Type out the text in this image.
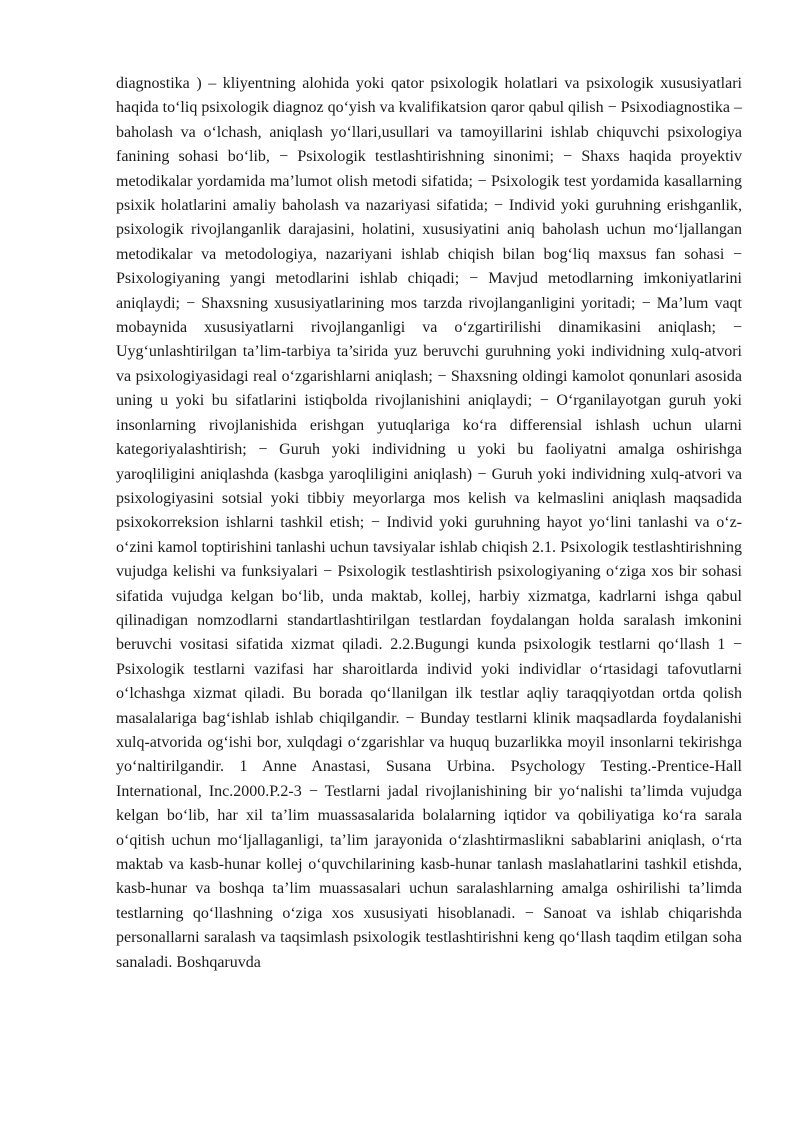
diagnostika ) – kliyentning alohida yoki qator psixologik holatlari va psixologik xususiyatlari haqida to‘liq psixologik diagnoz qo‘yish va kvalifikatsion qaror qabul qilish − Psixodiagnostika –baholash va o‘lchash, aniqlash yo‘llari,usullari va tamoyillarini ishlab chiquvchi psixologiya fanining sohasi bo‘lib, − Psixologik testlashtirishning sinonimi; − Shaxs haqida proyektiv metodikalar yordamida ma’lumot olish metodi sifatida; − Psixologik test yordamida kasallarning psixik holatlarini amaliy baholash va nazariyasi sifatida; − Individ yoki guruhning erishganlik, psixologik rivojlanganlik darajasini, holatini, xususiyatini aniq baholash uchun mo‘ljallangan metodikalar va metodologiya, nazariyani ishlab chiqish bilan bog‘liq maxsus fan sohasi − Psixologiyaning yangi metodlarini ishlab chiqadi; − Mavjud metodlarning imkoniyatlarini aniqlaydi; − Shaxsning xususiyatlarining mos tarzda rivojlanganligini yoritadi; − Ma’lum vaqt mobaynida xususiyatlarni rivojlanganligi va o‘zgartirilishi dinamikasini aniqlash; − Uyg‘unlashtirilgan ta’lim-tarbiya ta’sirida yuz beruvchi guruhning yoki individning xulq-atvori va psixologiyasidagi real o‘zgarishlarni aniqlash; − Shaxsning oldingi kamolot qonunlari asosida uning u yoki bu sifatlarini istiqbolda rivojlanishini aniqlaydi; − O‘rganilayotgan guruh yoki insonlarning rivojlanishida erishgan yutuqlariga ko‘ra differensial ishlash uchun ularni kategoriyalashtirish; − Guruh yoki individning u yoki bu faoliyatni amalga oshirishga yaroqliligini aniqlashda (kasbga yaroqliligini aniqlash) − Guruh yoki individning xulq-atvori va psixologiyasini sotsial yoki tibbiy meyorlarga mos kelish va kelmaslini aniqlash maqsadida psixokorreksion ishlarni tashkil etish; − Individ yoki guruhning hayot yo‘lini tanlashi va o‘z-o‘zini kamol toptirishini tanlashi uchun tavsiyalar ishlab chiqish 2.1. Psixologik testlashtirishning vujudga kelishi va funksiyalari − Psixologik testlashtirish psixologiyaning o‘ziga xos bir sohasi sifatida vujudga kelgan bo‘lib, unda maktab, kollej, harbiy xizmatga, kadrlarni ishga qabul qilinadigan nomzodlarni standartlashtirilgan testlardan foydalangan holda saralash imkonini beruvchi vositasi sifatida xizmat qiladi. 2.2.Bugungi kunda psixologik testlarni qo‘llash 1 − Psixologik testlarni vazifasi har sharoitlarda individ yoki individlar o‘rtasidagi tafovutlarni o‘lchashga xizmat qiladi. Bu borada qo‘llanilgan ilk testlar aqliy taraqqiyotdan ortda qolish masalalariga bag‘ishlab ishlab chiqilgandir. − Bunday testlarni klinik maqsadlarda foydalanishi xulq-atvorida og‘ishi bor, xulqdagi o‘zgarishlar va huquq buzarlikka moyil insonlarni tekirishga yo‘naltirilgandir. 1 Anne Anastasi, Susana Urbina. Psychology Testing.-Prentice-Hall International, Inc.2000.P.2-3 − Testlarni jadal rivojlanishining bir yo‘nalishi ta’limda vujudga kelgan bo‘lib, har xil ta’lim muassasalarida bolalarning iqtidor va qobiliyatiga ko‘ra sarala o‘qitish uchun mo‘ljallaganligi, ta’lim jarayonida o‘zlashtirmaslikni sabablarini aniqlash, o‘rta maktab va kasb-hunar kollej o‘quvchilarining kasb-hunar tanlash maslahatlarini tashkil etishda, kasb-hunar va boshqa ta’lim muassasalari uchun saralashlarning amalga oshirilishi ta’limda testlarning qo‘llashning o‘ziga xos xususiyati hisoblanadi. − Sanoat va ishlab chiqarishda personallarni saralash va taqsimlash psixologik testlashtirishni keng qo‘llash taqdim etilgan soha sanaladi. Boshqaruvda
